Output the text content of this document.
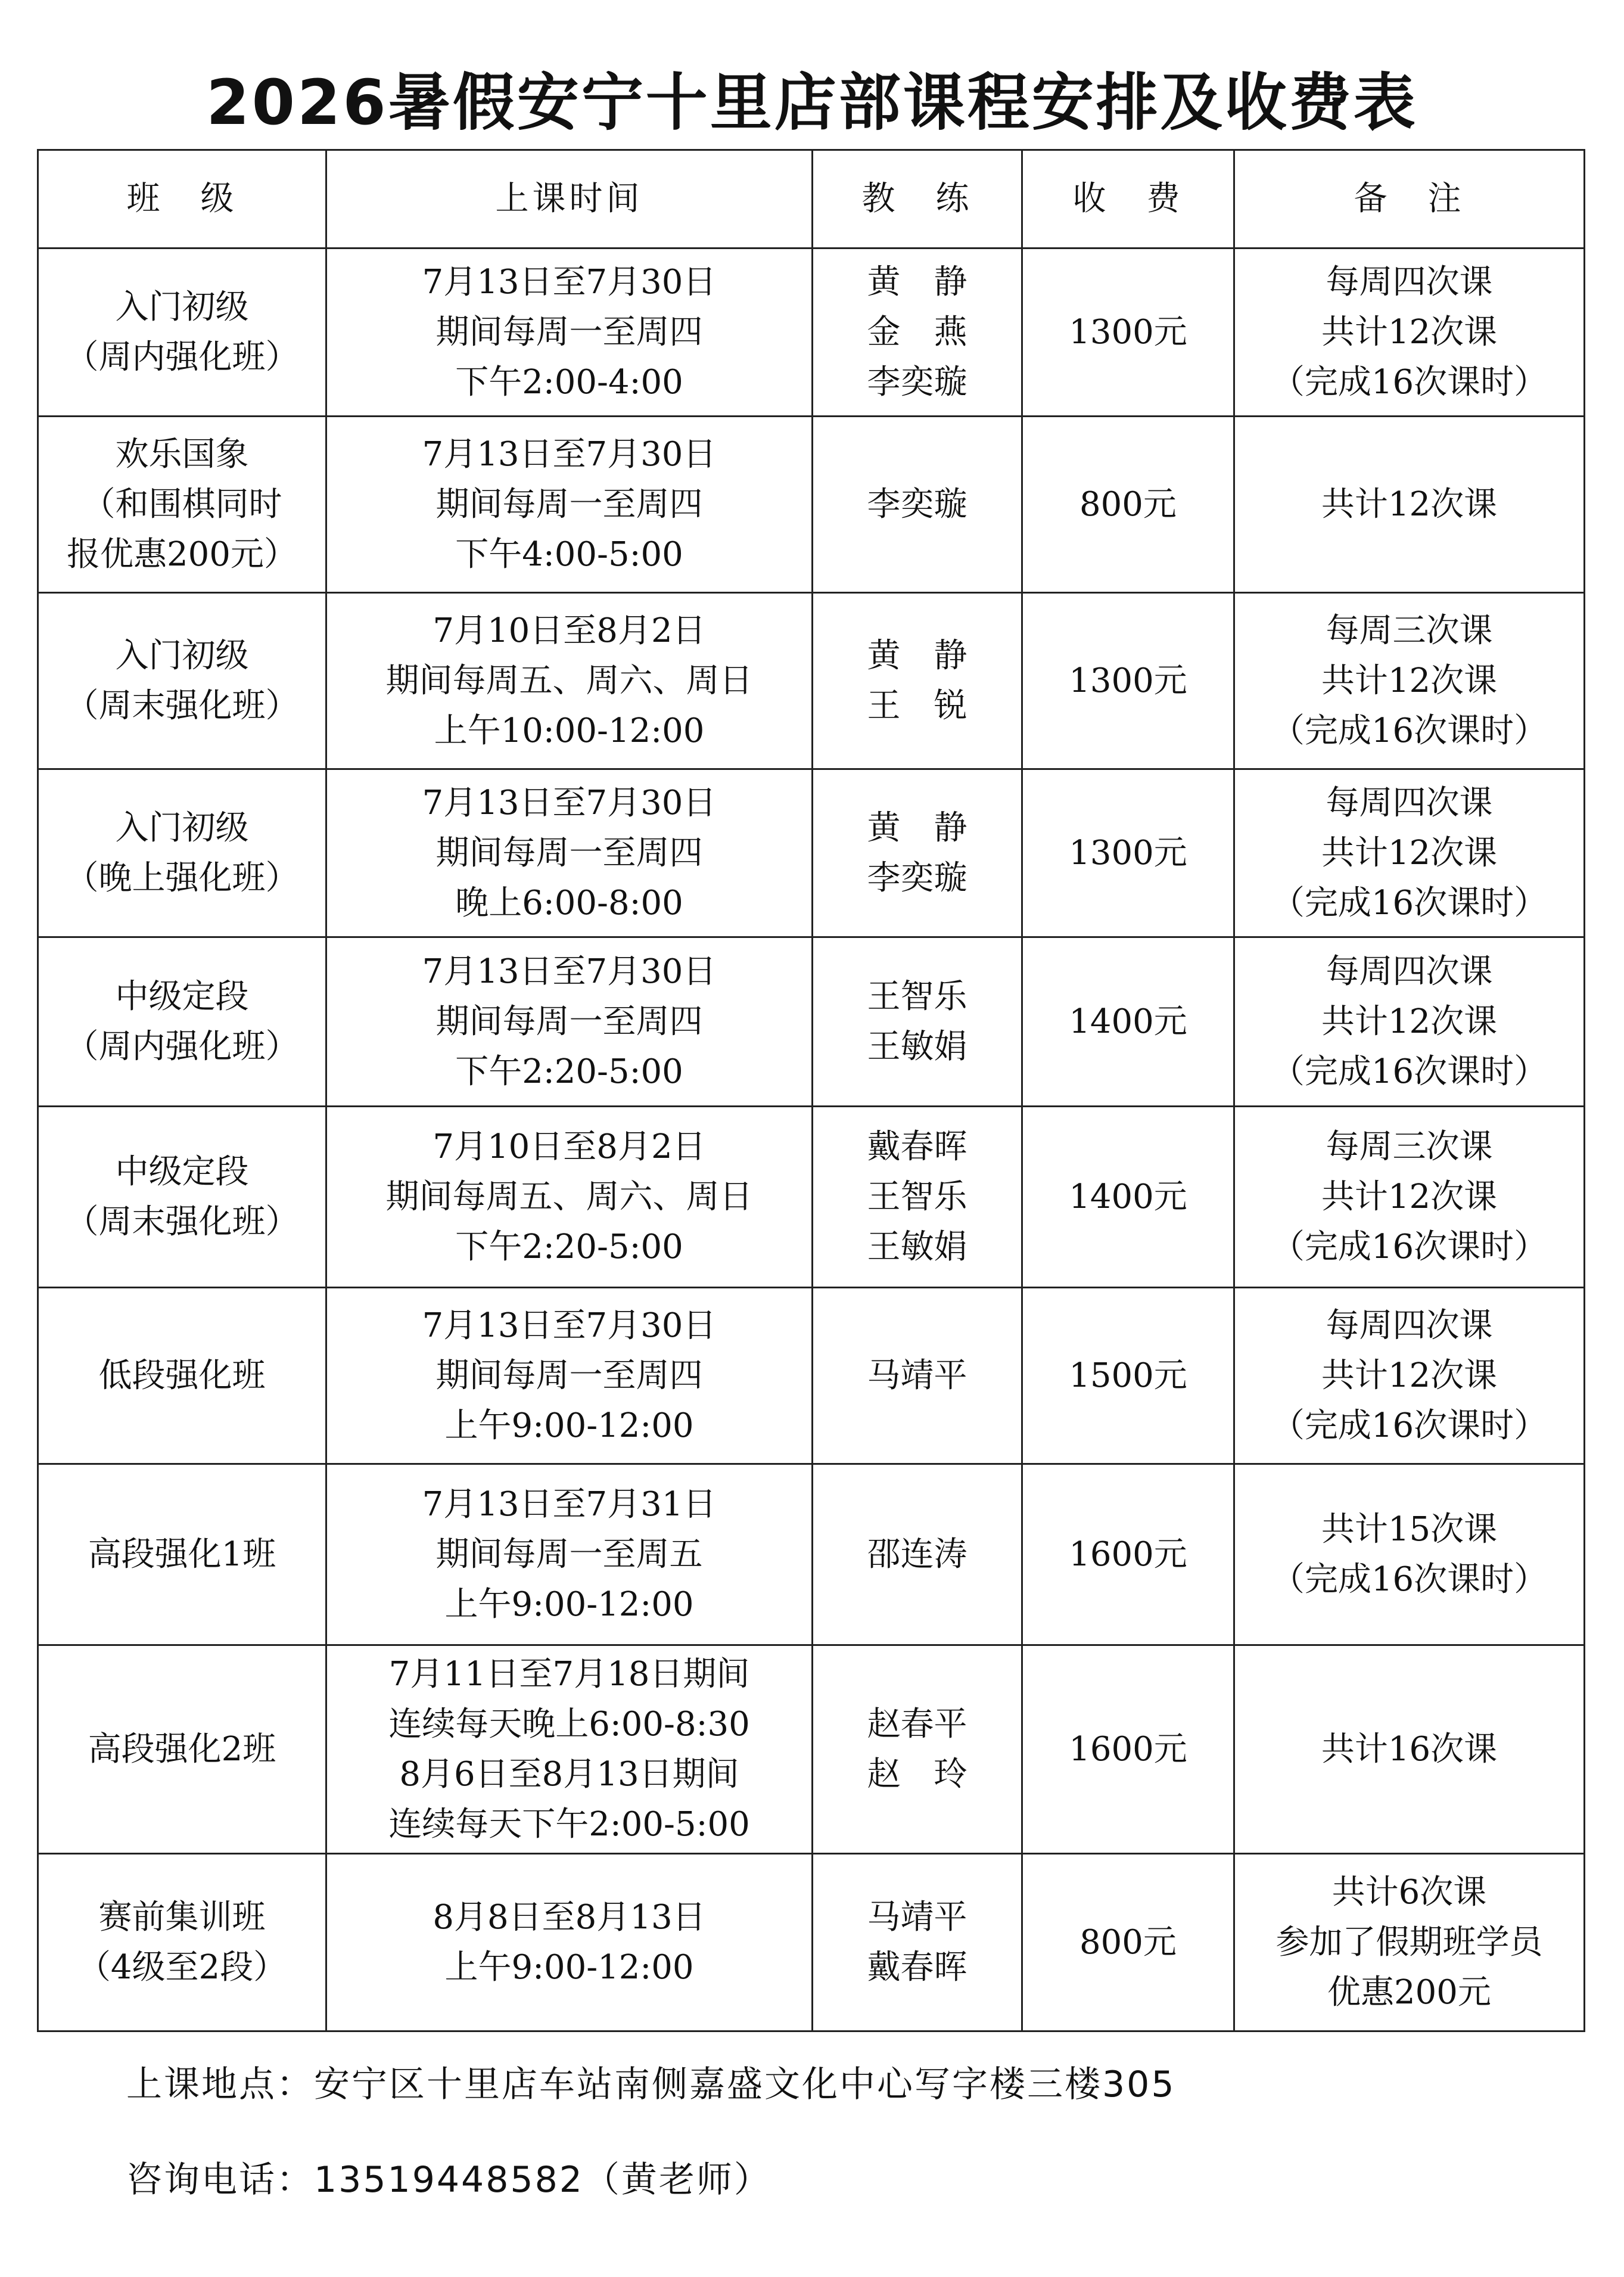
2026暑假安宁十里店部课程安排及收费表
班　级	上课时间	教　练	收　费	备　注

入门初级
（周内强化班）	7月13日至7月30日
期间每周一至周四
下午2:00-4:00	黄　静
金　燕
李奕璇	1300元	每周四次课
共计12次课
（完成16次课时）

欢乐国象
（和围棋同时
报优惠200元）	7月13日至7月30日
期间每周一至周四
下午4:00-5:00	李奕璇	800元	共计12次课

入门初级
（周末强化班）	7月10日至8月2日
期间每周五、周六、周日
上午10:00-12:00	黄　静
王　锐	1300元	每周三次课
共计12次课
（完成16次课时）

入门初级
（晚上强化班）	7月13日至7月30日
期间每周一至周四
晚上6:00-8:00	黄　静
李奕璇	1300元	每周四次课
共计12次课
（完成16次课时）

中级定段
（周内强化班）	7月13日至7月30日
期间每周一至周四
下午2:20-5:00	王智乐
王敏娟	1400元	每周四次课
共计12次课
（完成16次课时）

中级定段
（周末强化班）	7月10日至8月2日
期间每周五、周六、周日
下午2:20-5:00	戴春晖
王智乐
王敏娟	1400元	每周三次课
共计12次课
（完成16次课时）

低段强化班	7月13日至7月30日
期间每周一至周四
上午9:00-12:00	马靖平	1500元	每周四次课
共计12次课
（完成16次课时）

高段强化1班	7月13日至7月31日
期间每周一至周五
上午9:00-12:00	邵连涛	1600元	共计15次课
（完成16次课时）

高段强化2班	7月11日至7月18日期间
连续每天晚上6:00-8:30
8月6日至8月13日期间
连续每天下午2:00-5:00	赵春平
赵　玲	1600元	共计16次课

赛前集训班
（4级至2段）	8月8日至8月13日
上午9:00-12:00	马靖平
戴春晖	800元	共计6次课
参加了假期班学员
优惠200元
上课地点：安宁区十里店车站南侧嘉盛文化中心写字楼三楼305
咨询电话：13519448582（黄老师）
